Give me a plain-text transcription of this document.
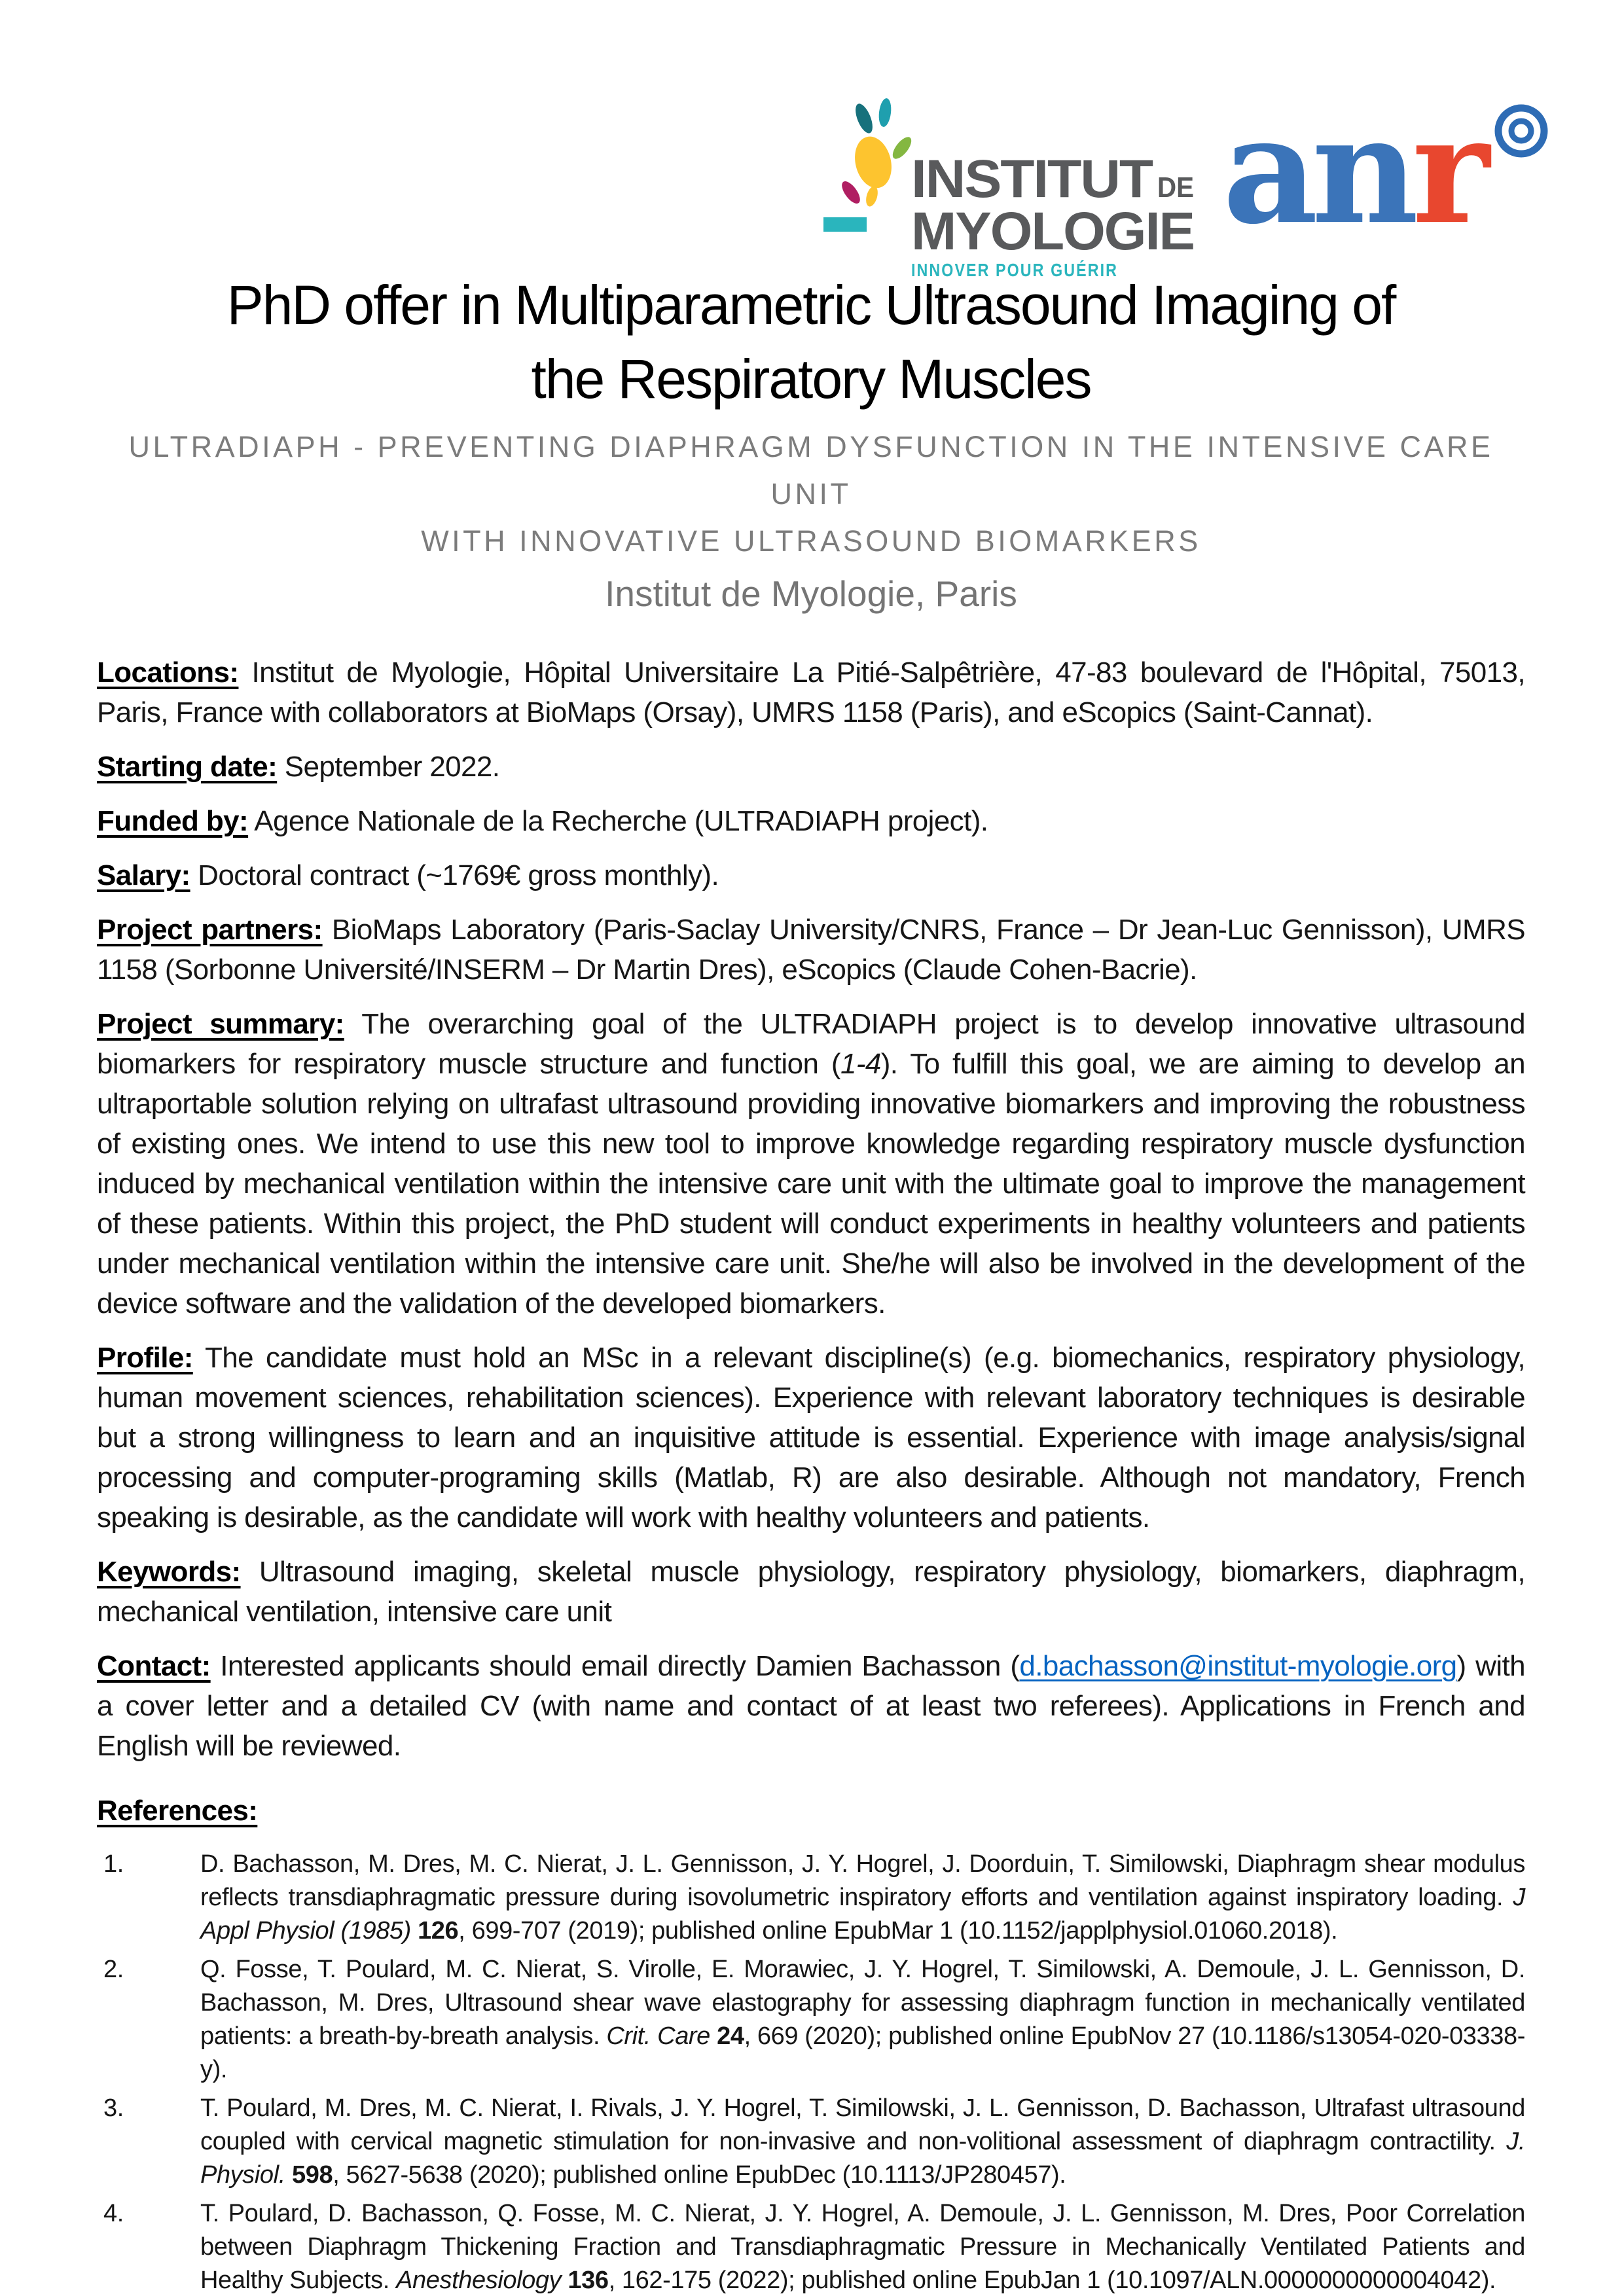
INSTITUT DE
MYOLOGIE
INNOVER POUR GUÉRIR
anr
PhD offer in Multiparametric Ultrasound Imaging of
the Respiratory Muscles
ULTRADIAPH - PREVENTING DIAPHRAGM DYSFUNCTION IN THE INTENSIVE CARE UNIT
WITH INNOVATIVE ULTRASOUND BIOMARKERS
Institut de Myologie, Paris

Locations: Institut de Myologie, Hôpital Universitaire La Pitié-Salpêtrière, 47-83 boulevard de l'Hôpital, 75013, Paris, France with collaborators at BioMaps (Orsay), UMRS 1158 (Paris), and eScopics (Saint-Cannat).

Starting date: September 2022.

Funded by: Agence Nationale de la Recherche (ULTRADIAPH project).

Salary: Doctoral contract (~1769€ gross monthly).

Project partners: BioMaps Laboratory (Paris-Saclay University/CNRS, France – Dr Jean-Luc Gennisson), UMRS 1158 (Sorbonne Université/INSERM – Dr Martin Dres), eScopics (Claude Cohen-Bacrie).

Project summary: The overarching goal of the ULTRADIAPH project is to develop innovative ultrasound biomarkers for respiratory muscle structure and function (1-4). To fulfill this goal, we are aiming to develop an ultraportable solution relying on ultrafast ultrasound providing innovative biomarkers and improving the robustness of existing ones. We intend to use this new tool to improve knowledge regarding respiratory muscle dysfunction induced by mechanical ventilation within the intensive care unit with the ultimate goal to improve the management of these patients. Within this project, the PhD student will conduct experiments in healthy volunteers and patients under mechanical ventilation within the intensive care unit. She/he will also be involved in the development of the device software and the validation of the developed biomarkers.

Profile: The candidate must hold an MSc in a relevant discipline(s) (e.g. biomechanics, respiratory physiology, human movement sciences, rehabilitation sciences). Experience with relevant laboratory techniques is desirable but a strong willingness to learn and an inquisitive attitude is essential. Experience with image analysis/signal processing and computer-programing skills (Matlab, R) are also desirable. Although not mandatory, French speaking is desirable, as the candidate will work with healthy volunteers and patients.

Keywords: Ultrasound imaging, skeletal muscle physiology, respiratory physiology, biomarkers, diaphragm, mechanical ventilation, intensive care unit

Contact: Interested applicants should email directly Damien Bachasson (d.bachasson@institut-myologie.org) with a cover letter and a detailed CV (with name and contact of at least two referees). Applications in French and English will be reviewed.

References:

1.	D. Bachasson, M. Dres, M. C. Nierat, J. L. Gennisson, J. Y. Hogrel, J. Doorduin, T. Similowski, Diaphragm shear modulus reflects transdiaphragmatic pressure during isovolumetric inspiratory efforts and ventilation against inspiratory loading. J Appl Physiol (1985) 126, 699-707 (2019); published online EpubMar 1 (10.1152/japplphysiol.01060.2018).
2.	Q. Fosse, T. Poulard, M. C. Nierat, S. Virolle, E. Morawiec, J. Y. Hogrel, T. Similowski, A. Demoule, J. L. Gennisson, D. Bachasson, M. Dres, Ultrasound shear wave elastography for assessing diaphragm function in mechanically ventilated patients: a breath-by-breath analysis. Crit. Care 24, 669 (2020); published online EpubNov 27 (10.1186/s13054-020-03338-y).
3.	T. Poulard, M. Dres, M. C. Nierat, I. Rivals, J. Y. Hogrel, T. Similowski, J. L. Gennisson, D. Bachasson, Ultrafast ultrasound coupled with cervical magnetic stimulation for non-invasive and non-volitional assessment of diaphragm contractility. J. Physiol. 598, 5627-5638 (2020); published online EpubDec (10.1113/JP280457).
4.	T. Poulard, D. Bachasson, Q. Fosse, M. C. Nierat, J. Y. Hogrel, A. Demoule, J. L. Gennisson, M. Dres, Poor Correlation between Diaphragm Thickening Fraction and Transdiaphragmatic Pressure in Mechanically Ventilated Patients and Healthy Subjects. Anesthesiology 136, 162-175 (2022); published online EpubJan 1 (10.1097/ALN.0000000000004042).
